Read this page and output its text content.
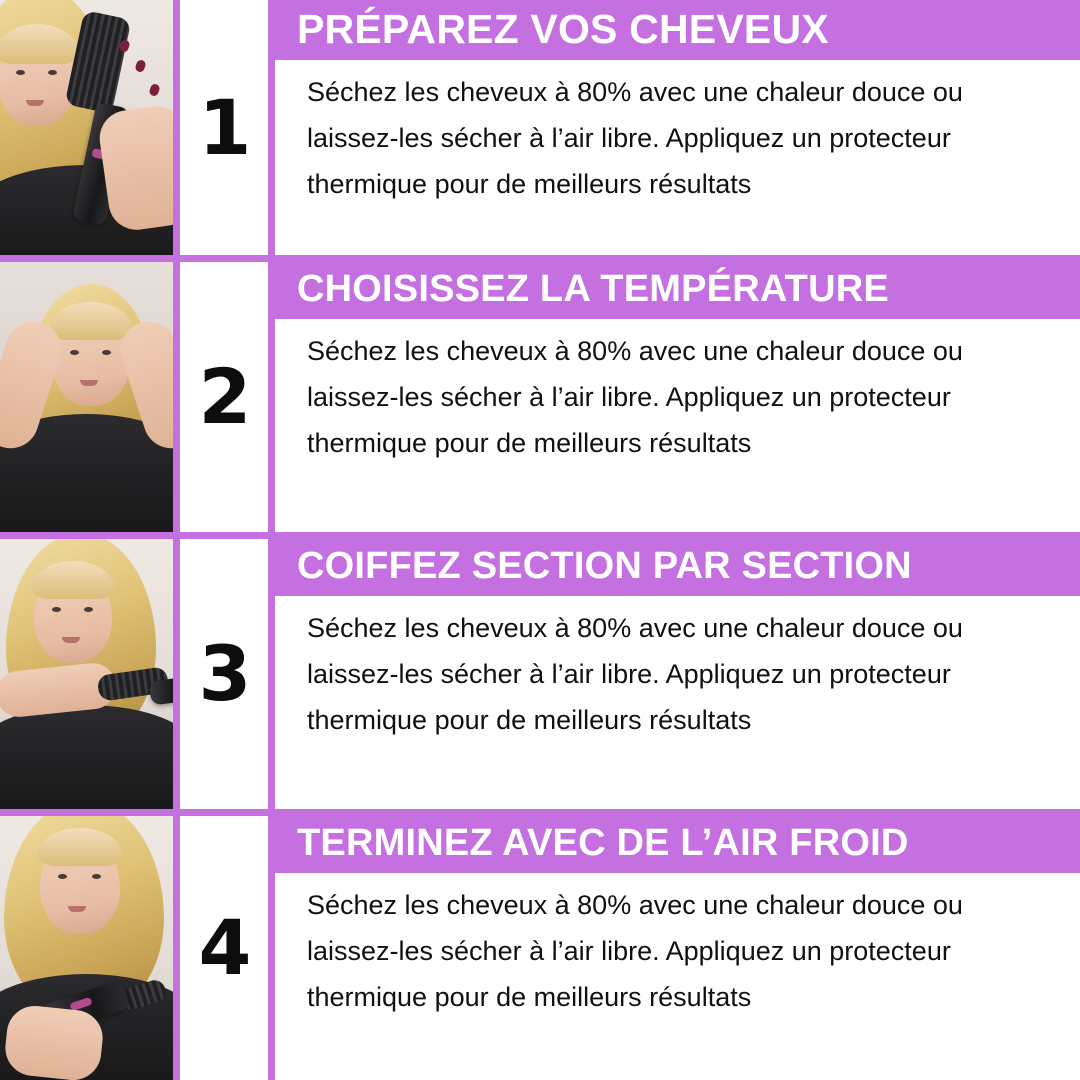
1
PRÉPAREZ VOS CHEVEUX
Séchez les cheveux à 80% avec une chaleur douce ou laissez-les sécher à l’air libre. Appliquez un protecteur thermique pour de meilleurs résultats
2
CHOISISSEZ LA TEMPÉRATURE
Séchez les cheveux à 80% avec une chaleur douce ou laissez-les sécher à l’air libre. Appliquez un protecteur thermique pour de meilleurs résultats
3
COIFFEZ SECTION PAR SECTION
Séchez les cheveux à 80% avec une chaleur douce ou laissez-les sécher à l’air libre. Appliquez un protecteur thermique pour de meilleurs résultats
4
TERMINEZ AVEC DE L’AIR FROID
Séchez les cheveux à 80% avec une chaleur douce ou laissez-les sécher à l’air libre. Appliquez un protecteur thermique pour de meilleurs résultats
